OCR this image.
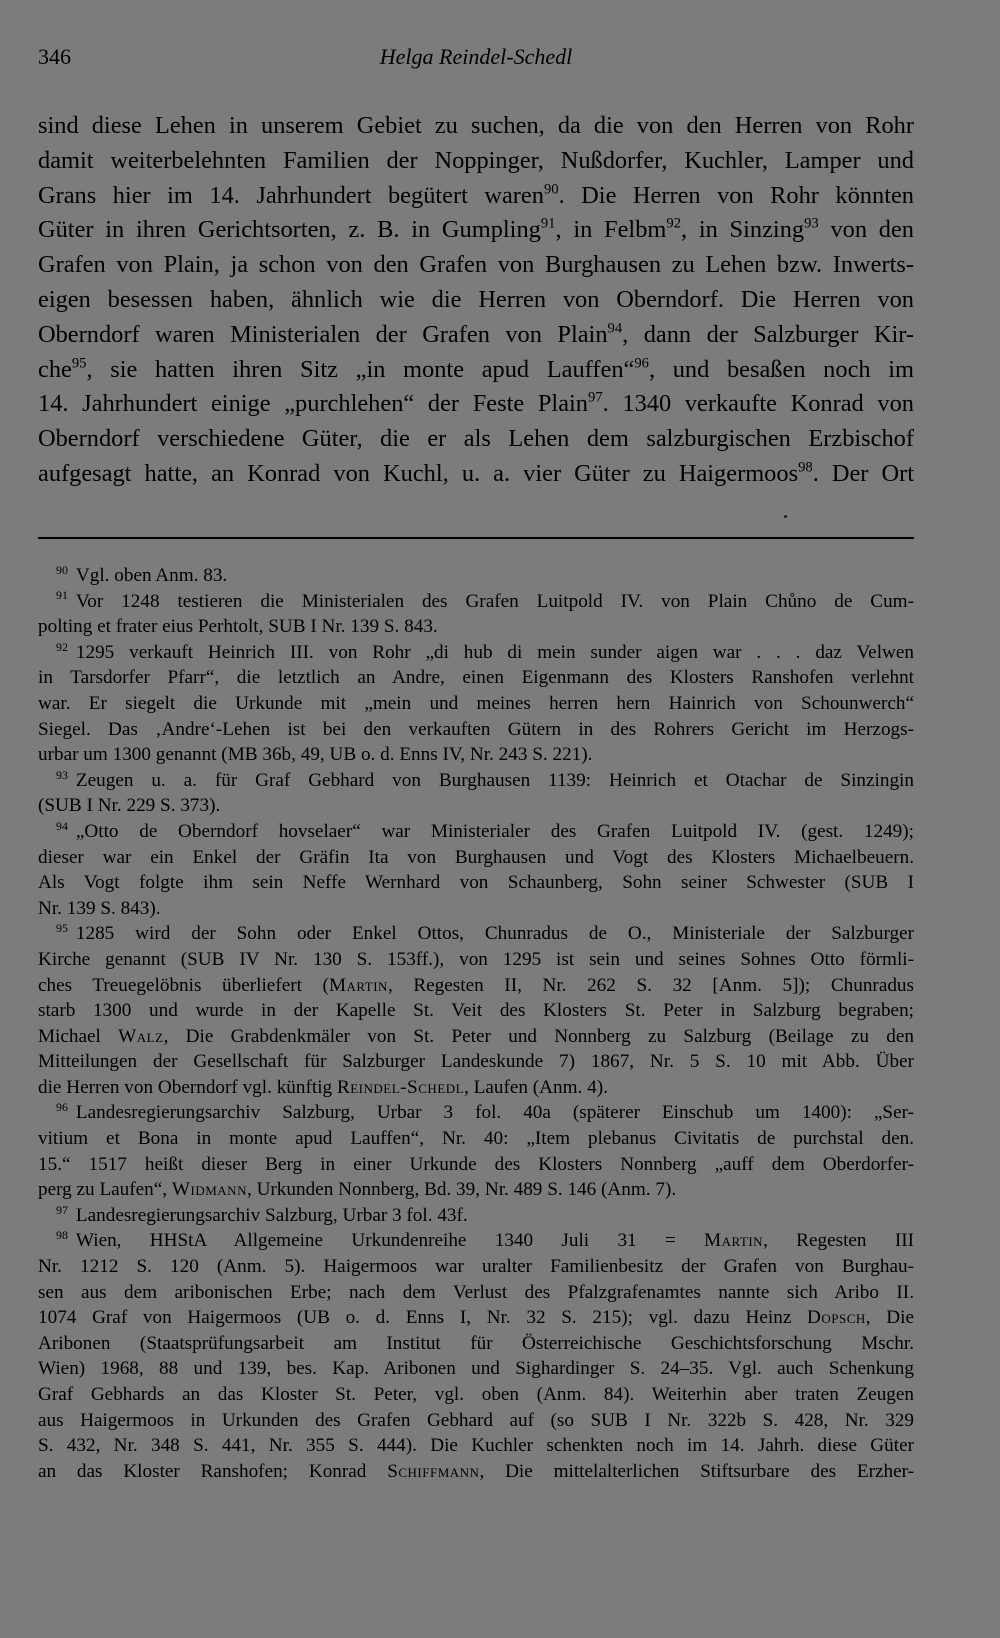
346	Helga Reindel-Schedl
sind diese Lehen in unserem Gebiet zu suchen, da die von den Herren von Rohr
damit weiterbelehnten Familien der Noppinger, Nußdorfer, Kuchler, Lamper und
Grans hier im 14. Jahrhundert begütert waren$^{90}$. Die Herren von Rohr könnten
Güter in ihren Gerichtsorten, z. B. in Gumpling$^{91}$, in Felbm$^{92}$, in Sinzing$^{93}$ von den
Grafen von Plain, ja schon von den Grafen von Burghausen zu Lehen bzw. Inwerts-
eigen besessen haben, ähnlich wie die Herren von Oberndorf. Die Herren von
Oberndorf waren Ministerialen der Grafen von Plain$^{94}$, dann der Salzburger Kir-
che$^{95}$, sie hatten ihren Sitz „in monte apud Lauffen“$^{96}$, und besaßen noch im
14. Jahrhundert einige „purchlehen“ der Feste Plain$^{97}$. 1340 verkaufte Konrad von
Oberndorf verschiedene Güter, die er als Lehen dem salzburgischen Erzbischof
aufgesagt hatte, an Konrad von Kuchl, u. a. vier Güter zu Haigermoos$^{98}$. Der Ort
$^{90}$ Vgl. oben Anm. 83.
$^{91}$ Vor 1248 testieren die Ministerialen des Grafen Luitpold IV. von Plain Chůno de Cum-
polting et frater eius Perhtolt, SUB I Nr. 139 S. 843.
$^{92}$ 1295 verkauft Heinrich III. von Rohr „di hub di mein sunder aigen war . . . daz Velwen
in Tarsdorfer Pfarr“, die letztlich an Andre, einen Eigenmann des Klosters Ranshofen verlehnt
war. Er siegelt die Urkunde mit „mein und meines herren hern Hainrich von Schounwerch“
Siegel. Das ‚Andre‘-Lehen ist bei den verkauften Gütern in des Rohrers Gericht im Herzogs-
urbar um 1300 genannt (MB 36b, 49, UB o. d. Enns IV, Nr. 243 S. 221).
$^{93}$ Zeugen u. a. für Graf Gebhard von Burghausen 1139: Heinrich et Otachar de Sinzingin
(SUB I Nr. 229 S. 373).
$^{94}$ „Otto de Oberndorf hovselaer“ war Ministerialer des Grafen Luitpold IV. (gest. 1249);
dieser war ein Enkel der Gräfin Ita von Burghausen und Vogt des Klosters Michaelbeuern.
Als Vogt folgte ihm sein Neffe Wernhard von Schaunberg, Sohn seiner Schwester (SUB I
Nr. 139 S. 843).
$^{95}$ 1285 wird der Sohn oder Enkel Ottos, Chunradus de O., Ministeriale der Salzburger
Kirche genannt (SUB IV Nr. 130 S. 153ff.), von 1295 ist sein und seines Sohnes Otto förmli-
ches Treuegelöbnis überliefert (Martin, Regesten II, Nr. 262 S. 32 [Anm. 5]); Chunradus
starb 1300 und wurde in der Kapelle St. Veit des Klosters St. Peter in Salzburg begraben;
Michael Walz, Die Grabdenkmäler von St. Peter und Nonnberg zu Salzburg (Beilage zu den
Mitteilungen der Gesellschaft für Salzburger Landeskunde 7) 1867, Nr. 5 S. 10 mit Abb. Über
die Herren von Oberndorf vgl. künftig Reindel-Schedl, Laufen (Anm. 4).
$^{96}$ Landesregierungsarchiv Salzburg, Urbar 3 fol. 40a (späterer Einschub um 1400): „Ser-
vitium et Bona in monte apud Lauffen“, Nr. 40: „Item plebanus Civitatis de purchstal den.
15.“ 1517 heißt dieser Berg in einer Urkunde des Klosters Nonnberg „auff dem Oberdorfer-
perg zu Laufen“, Widmann, Urkunden Nonnberg, Bd. 39, Nr. 489 S. 146 (Anm. 7).
$^{97}$ Landesregierungsarchiv Salzburg, Urbar 3 fol. 43f.
$^{98}$ Wien, HHStA Allgemeine Urkundenreihe 1340 Juli 31 = Martin, Regesten III
Nr. 1212 S. 120 (Anm. 5). Haigermoos war uralter Familienbesitz der Grafen von Burghau-
sen aus dem aribonischen Erbe; nach dem Verlust des Pfalzgrafenamtes nannte sich Aribo II.
1074 Graf von Haigermoos (UB o. d. Enns I, Nr. 32 S. 215); vgl. dazu Heinz Dopsch, Die
Aribonen (Staatsprüfungsarbeit am Institut für Österreichische Geschichtsforschung Mschr.
Wien) 1968, 88 und 139, bes. Kap. Aribonen und Sighardinger S. 24–35. Vgl. auch Schenkung
Graf Gebhards an das Kloster St. Peter, vgl. oben (Anm. 84). Weiterhin aber traten Zeugen
aus Haigermoos in Urkunden des Grafen Gebhard auf (so SUB I Nr. 322b S. 428, Nr. 329
S. 432, Nr. 348 S. 441, Nr. 355 S. 444). Die Kuchler schenkten noch im 14. Jahrh. diese Güter
an das Kloster Ranshofen; Konrad Schiffmann, Die mittelalterlichen Stiftsurbare des Erzher-
